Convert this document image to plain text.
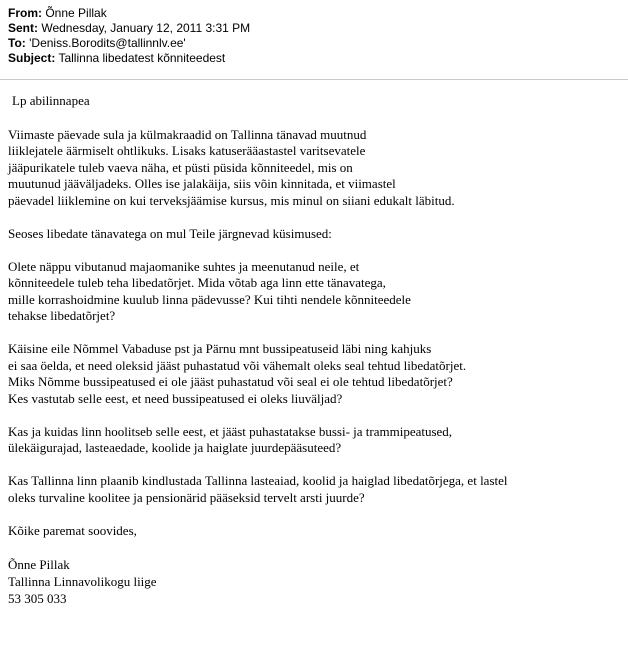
From: Õnne Pillak
Sent: Wednesday, January 12, 2011 3:31 PM
To: 'Deniss.Borodits@tallinnlv.ee'
Subject: Tallinna libedatest kõnniteedest
Lp abilinnapea
Viimaste päevade sula ja külmakraadid on Tallinna tänavad muutnud
liiklejatele äärmiselt ohtlikuks. Lisaks katuserääastastel varitsevatele
jääpurikatele tuleb vaeva näha, et püsti püsida kõnniteedel, mis on
muutunud jääväljadeks. Olles ise jalakäija, siis võin kinnitada, et viimastel
päevadel liiklemine on kui terveksjäämise kursus, mis minul on siiani edukalt läbitud.
Seoses libedate tänavatega on mul Teile järgnevad küsimused:
Olete näppu vibutanud majaomanike suhtes ja meenutanud neile, et
kõnniteedele tuleb teha libedatõrjet. Mida võtab aga linn ette tänavatega,
mille korrashoidmine kuulub linna pädevusse? Kui tihti nendele kõnniteedele
tehakse libedatõrjet?
Käisine eile Nõmmel Vabaduse pst ja Pärnu mnt bussipeatuseid läbi ning kahjuks
ei saa öelda, et need oleksid jääst puhastatud või vähemalt oleks seal tehtud libedatõrjet.
Miks Nõmme bussipeatused ei ole jääst puhastatud või seal ei ole tehtud libedatõrjet?
Kes vastutab selle eest, et need bussipeatused ei oleks liuväljad?
Kas ja kuidas linn hoolitseb selle eest, et jääst puhastatakse bussi- ja trammipeatused,
ülekäigurajad, lasteaedade, koolide ja haiglate juurdepääsuteed?
Kas Tallinna linn plaanib kindlustada Tallinna lasteaiad, koolid ja haiglad libedatõrjega, et lastel
oleks turvaline koolitee ja pensionärid pääseksid tervelt arsti juurde?
Kõike paremat soovides,
Õnne Pillak
Tallinna Linnavolikogu liige
53 305 033
